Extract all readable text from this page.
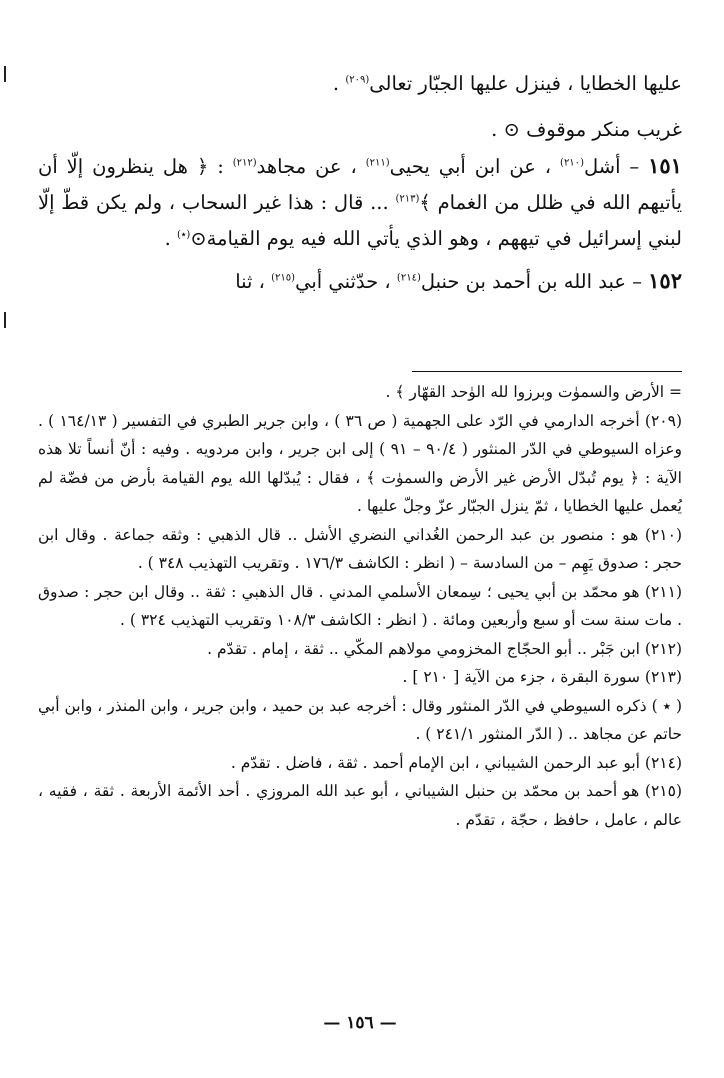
عليها الخطايا ، فينزل عليها الجبّار تعالى$^{(٢٠٩)}$ .

غريب منكر موقوف ⊙ .

١٥١ – أشل$^{(٢١٠)}$ ، عن ابن أبي يحيى$^{(٢١١)}$ ، عن مجاهد$^{(٢١٢)}$ : ﴿ هل ينظرون إلّا أن يأتيهم الله في ظلل من الغمام ﴾$^{(٢١٣)}$ ... قال : هذا غير السحاب ، ولم يكن قطّ إلّا لبني إسرائيل في تيههم ، وهو الذي يأتي الله فيه يوم القيامة⊙(٭) .

١٥٢ – عبد الله بن أحمد بن حنبل$^{(٢١٤)}$ ، حدّثني أبي$^{(٢١٥)}$ ، ثنا

= الأرض والسموٰت وبرزوا لله الوٰحد القهّار ﴾ .

(٢٠٩) أخرجه الدارمي في الرّد على الجهمية ( ص ٣٦ ) ، وابن جرير الطبري في التفسير ( ١٦٤/١٣ ) . وعزاه السيوطي في الدّر المنثور ( ٩٠/٤ – ٩١ ) إلى ابن جرير ، وابن مردويه . وفيه : أنّ أنساً تلا هذه الآية : ﴿ يوم تُبدّل الأرض غير الأرض والسموٰت ﴾ ، فقال : يُبدّلها الله يوم القيامة بأرض من فضّة لم يُعمل عليها الخطايا ، ثمّ ينزل الجبّار عزّ وجلّ عليها .

(٢١٠) هو : منصور بن عبد الرحمن الغُداني النضري الأشل .. قال الذهبي : وثقه جماعة . وقال ابن حجر : صدوق يَهِم – من السادسة – ( انظر : الكاشف ١٧٦/٣ . وتقريب التهذيب ٣٤٨ ) .

(٢١١) هو محمّد بن أبي يحيى ؛ سِمعان الأسلمي المدني . قال الذهبي : ثقة .. وقال ابن حجر : صدوق . مات سنة ست أو سبع وأربعين ومائة . ( انظر : الكاشف ١٠٨/٣ وتقريب التهذيب ٣٢٤ ) .

(٢١٢) ابن جَبْر .. أبو الحجّاج المخزومي مولاهم المكّي .. ثقة ، إمام . تقدّم .

(٢١٣) سورة البقرة ، جزء من الآية [ ٢١٠ ] .

( ٭ ) ذكره السيوطي في الدّر المنثور وقال : أخرجه عبد بن حميد ، وابن جرير ، وابن المنذر ، وابن أبي حاتم عن مجاهد .. ( الدّر المنثور ٢٤١/١ ) .

(٢١٤) أبو عبد الرحمن الشيباني ، ابن الإمام أحمد . ثقة ، فاضل . تقدّم .

(٢١٥) هو أحمد بن محمّد بن حنبل الشيباني ، أبو عبد الله المروزي . أحد الأئمة الأربعة . ثقة ، فقيه ، عالم ، عامل ، حافظ ، حجّة ، تقدّم .

— ١٥٦ —
